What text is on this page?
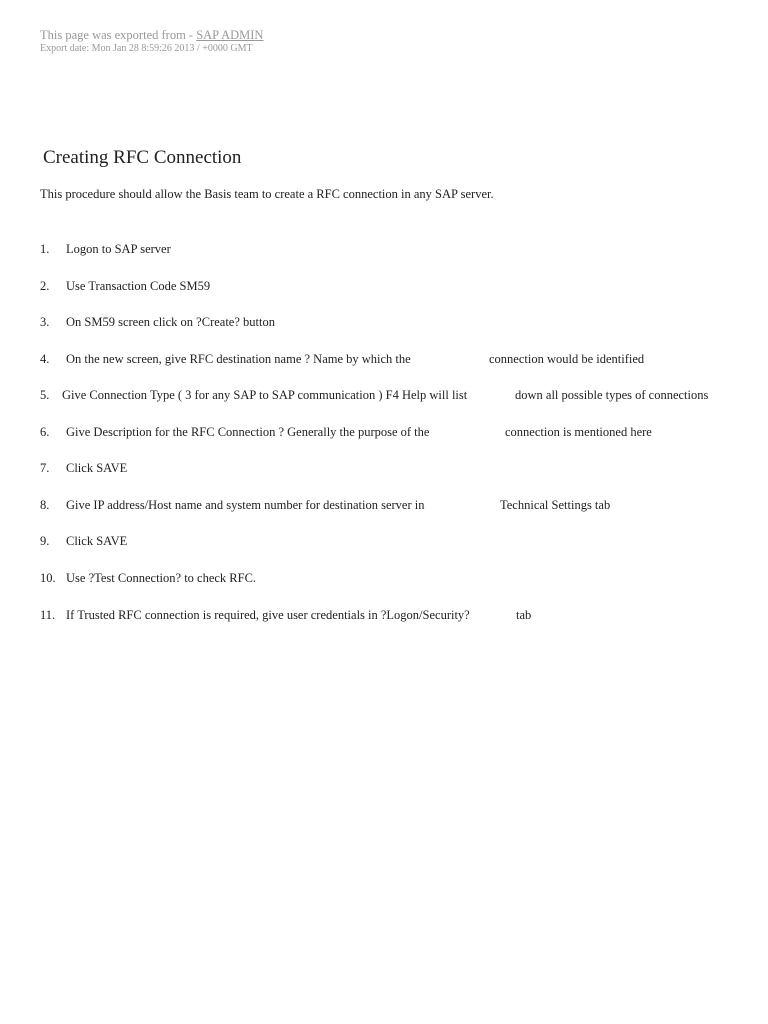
This page was exported from - SAP ADMIN
Export date: Mon Jan 28 8:59:26 2013 / +0000 GMT
Creating RFC Connection

This procedure should allow the Basis team to create a RFC connection in any SAP server.

1. Logon to SAP server
2. Use Transaction Code SM59
3. On SM59 screen click on ?Create? button
4. On the new screen, give RFC destination name ? Name by which the	connection would be identified
5. Give Connection Type ( 3 for any SAP to SAP communication ) F4 Help will list	down all possible types of connections
6. Give Description for the RFC Connection ? Generally the purpose of the	connection is mentioned here
7. Click SAVE
8. Give IP address/Host name and system number for destination server in	Technical Settings tab
9. Click SAVE
10. Use ?Test Connection? to check RFC.
11. If Trusted RFC connection is required, give user credentials in ?Logon/Security?	tab
